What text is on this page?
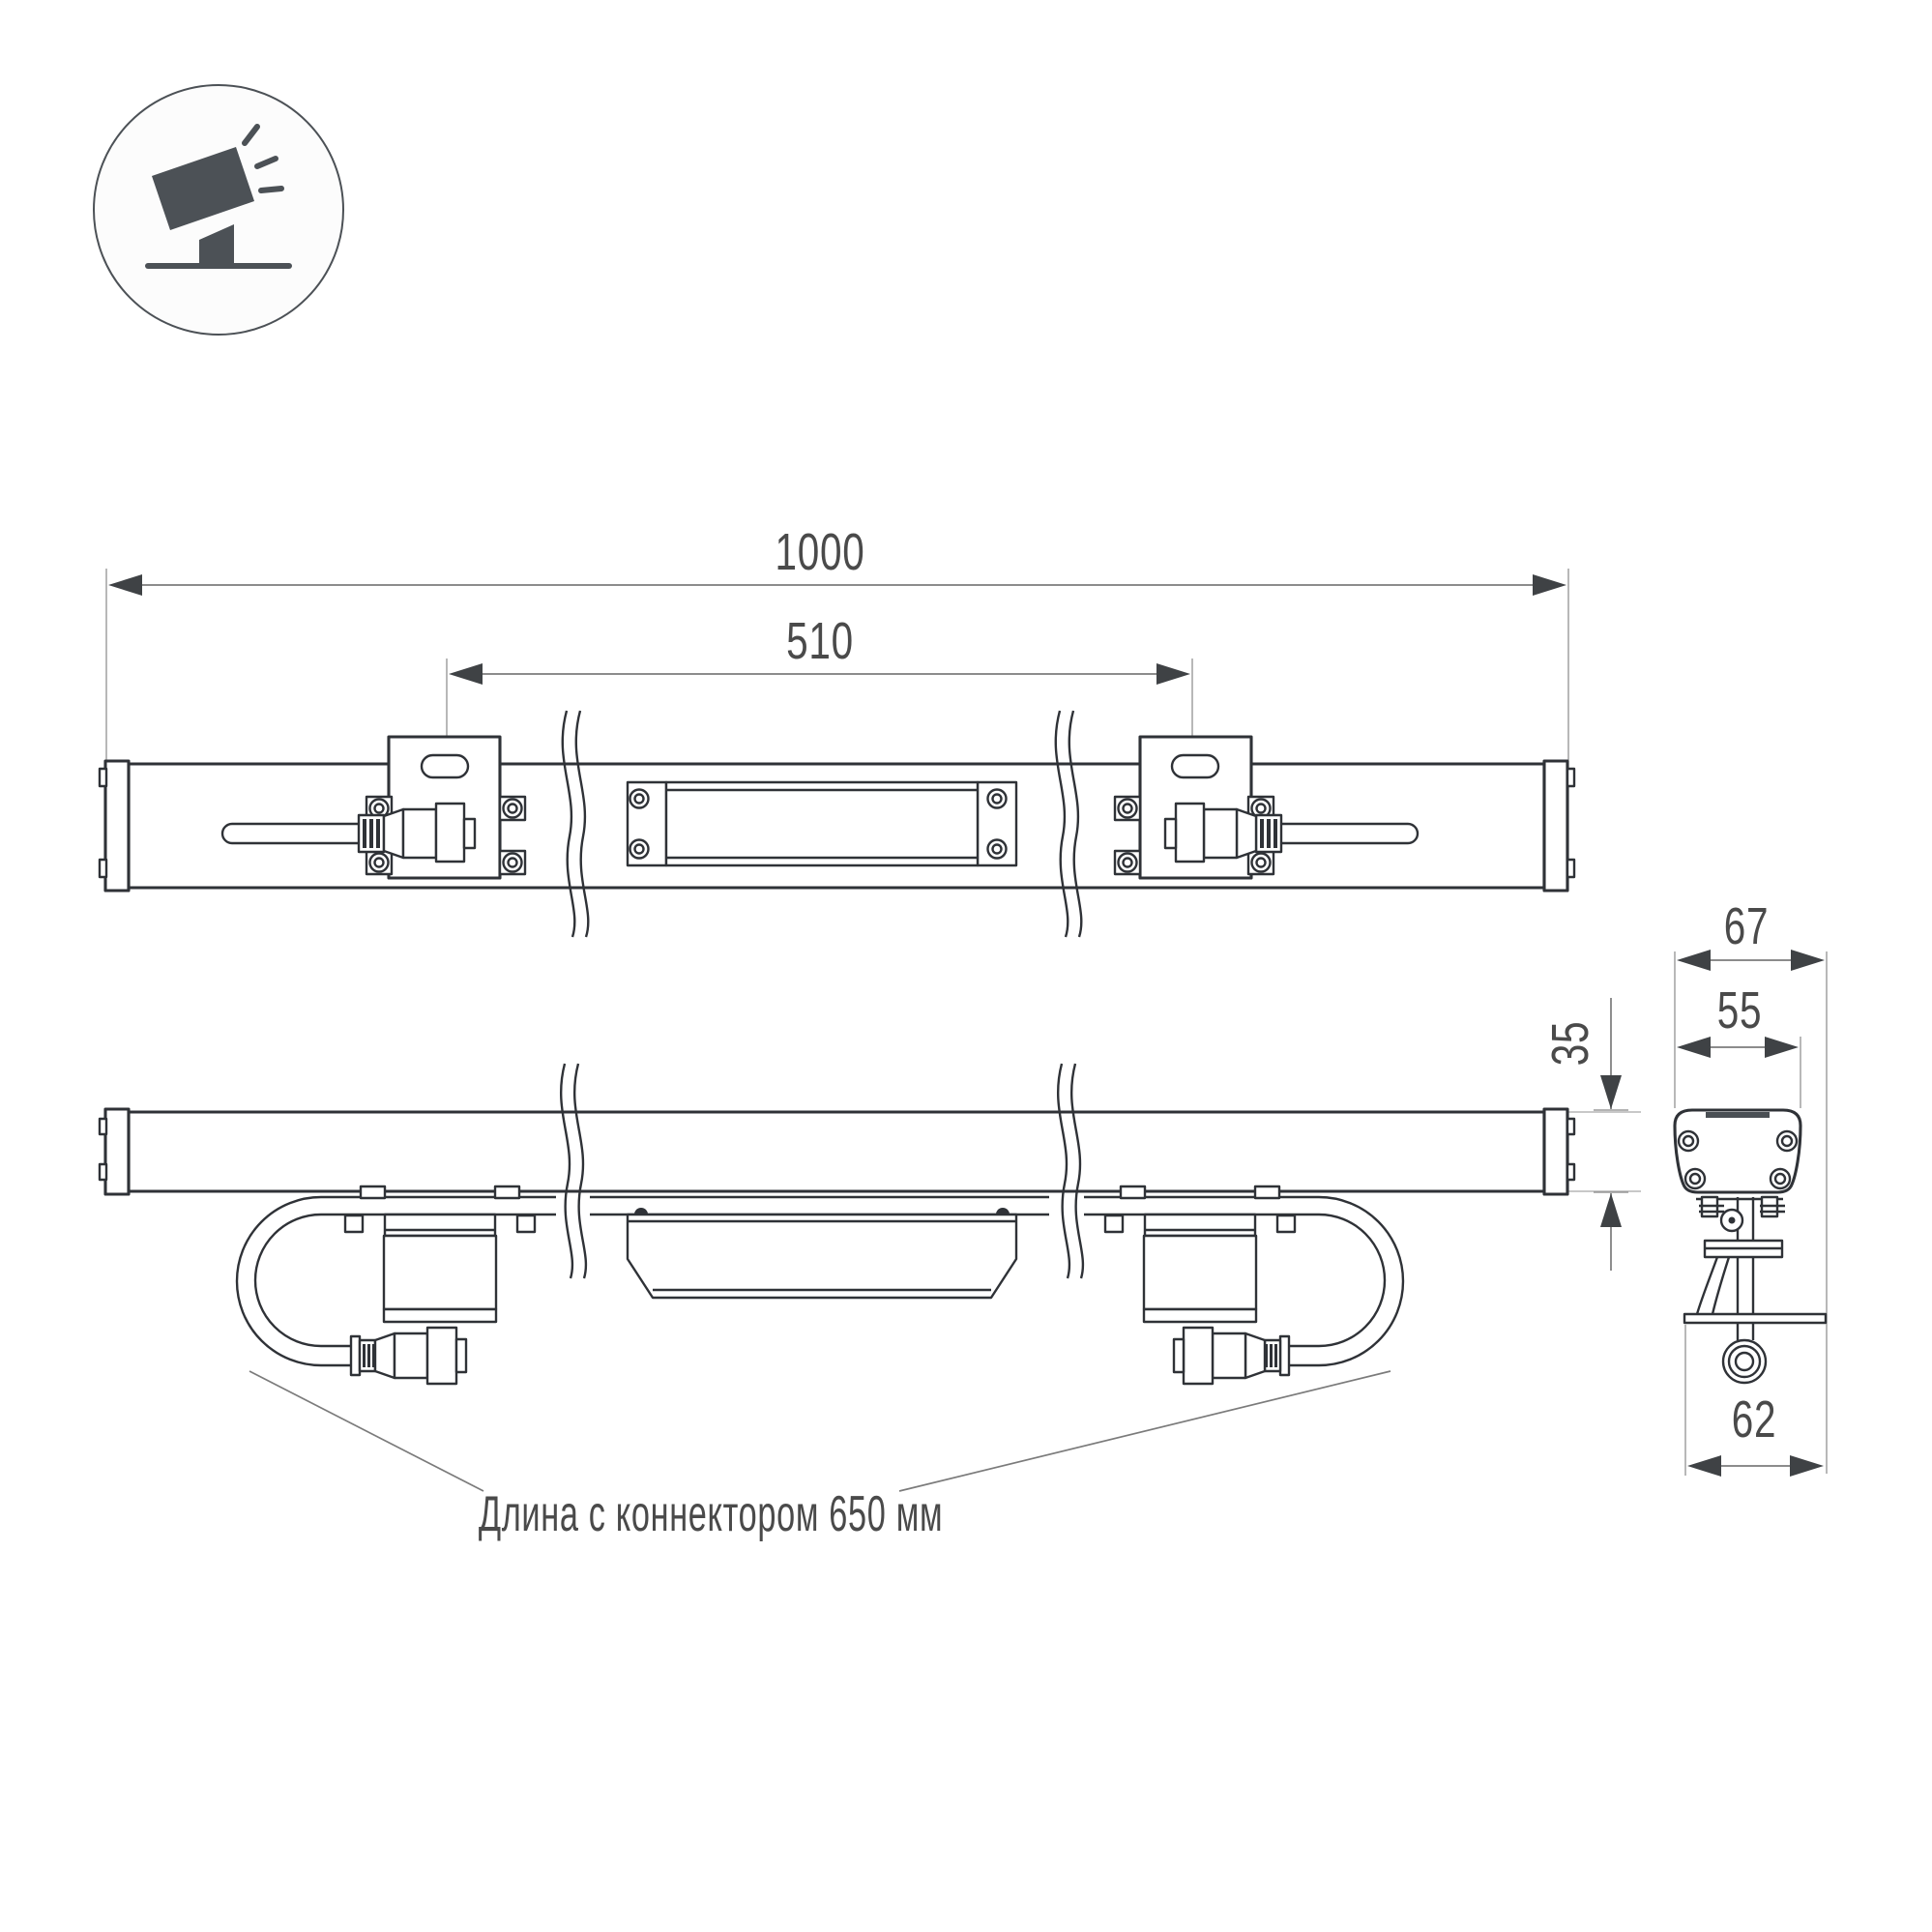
1000
510
Длина с коннектором 650 мм
67
55
35
62
